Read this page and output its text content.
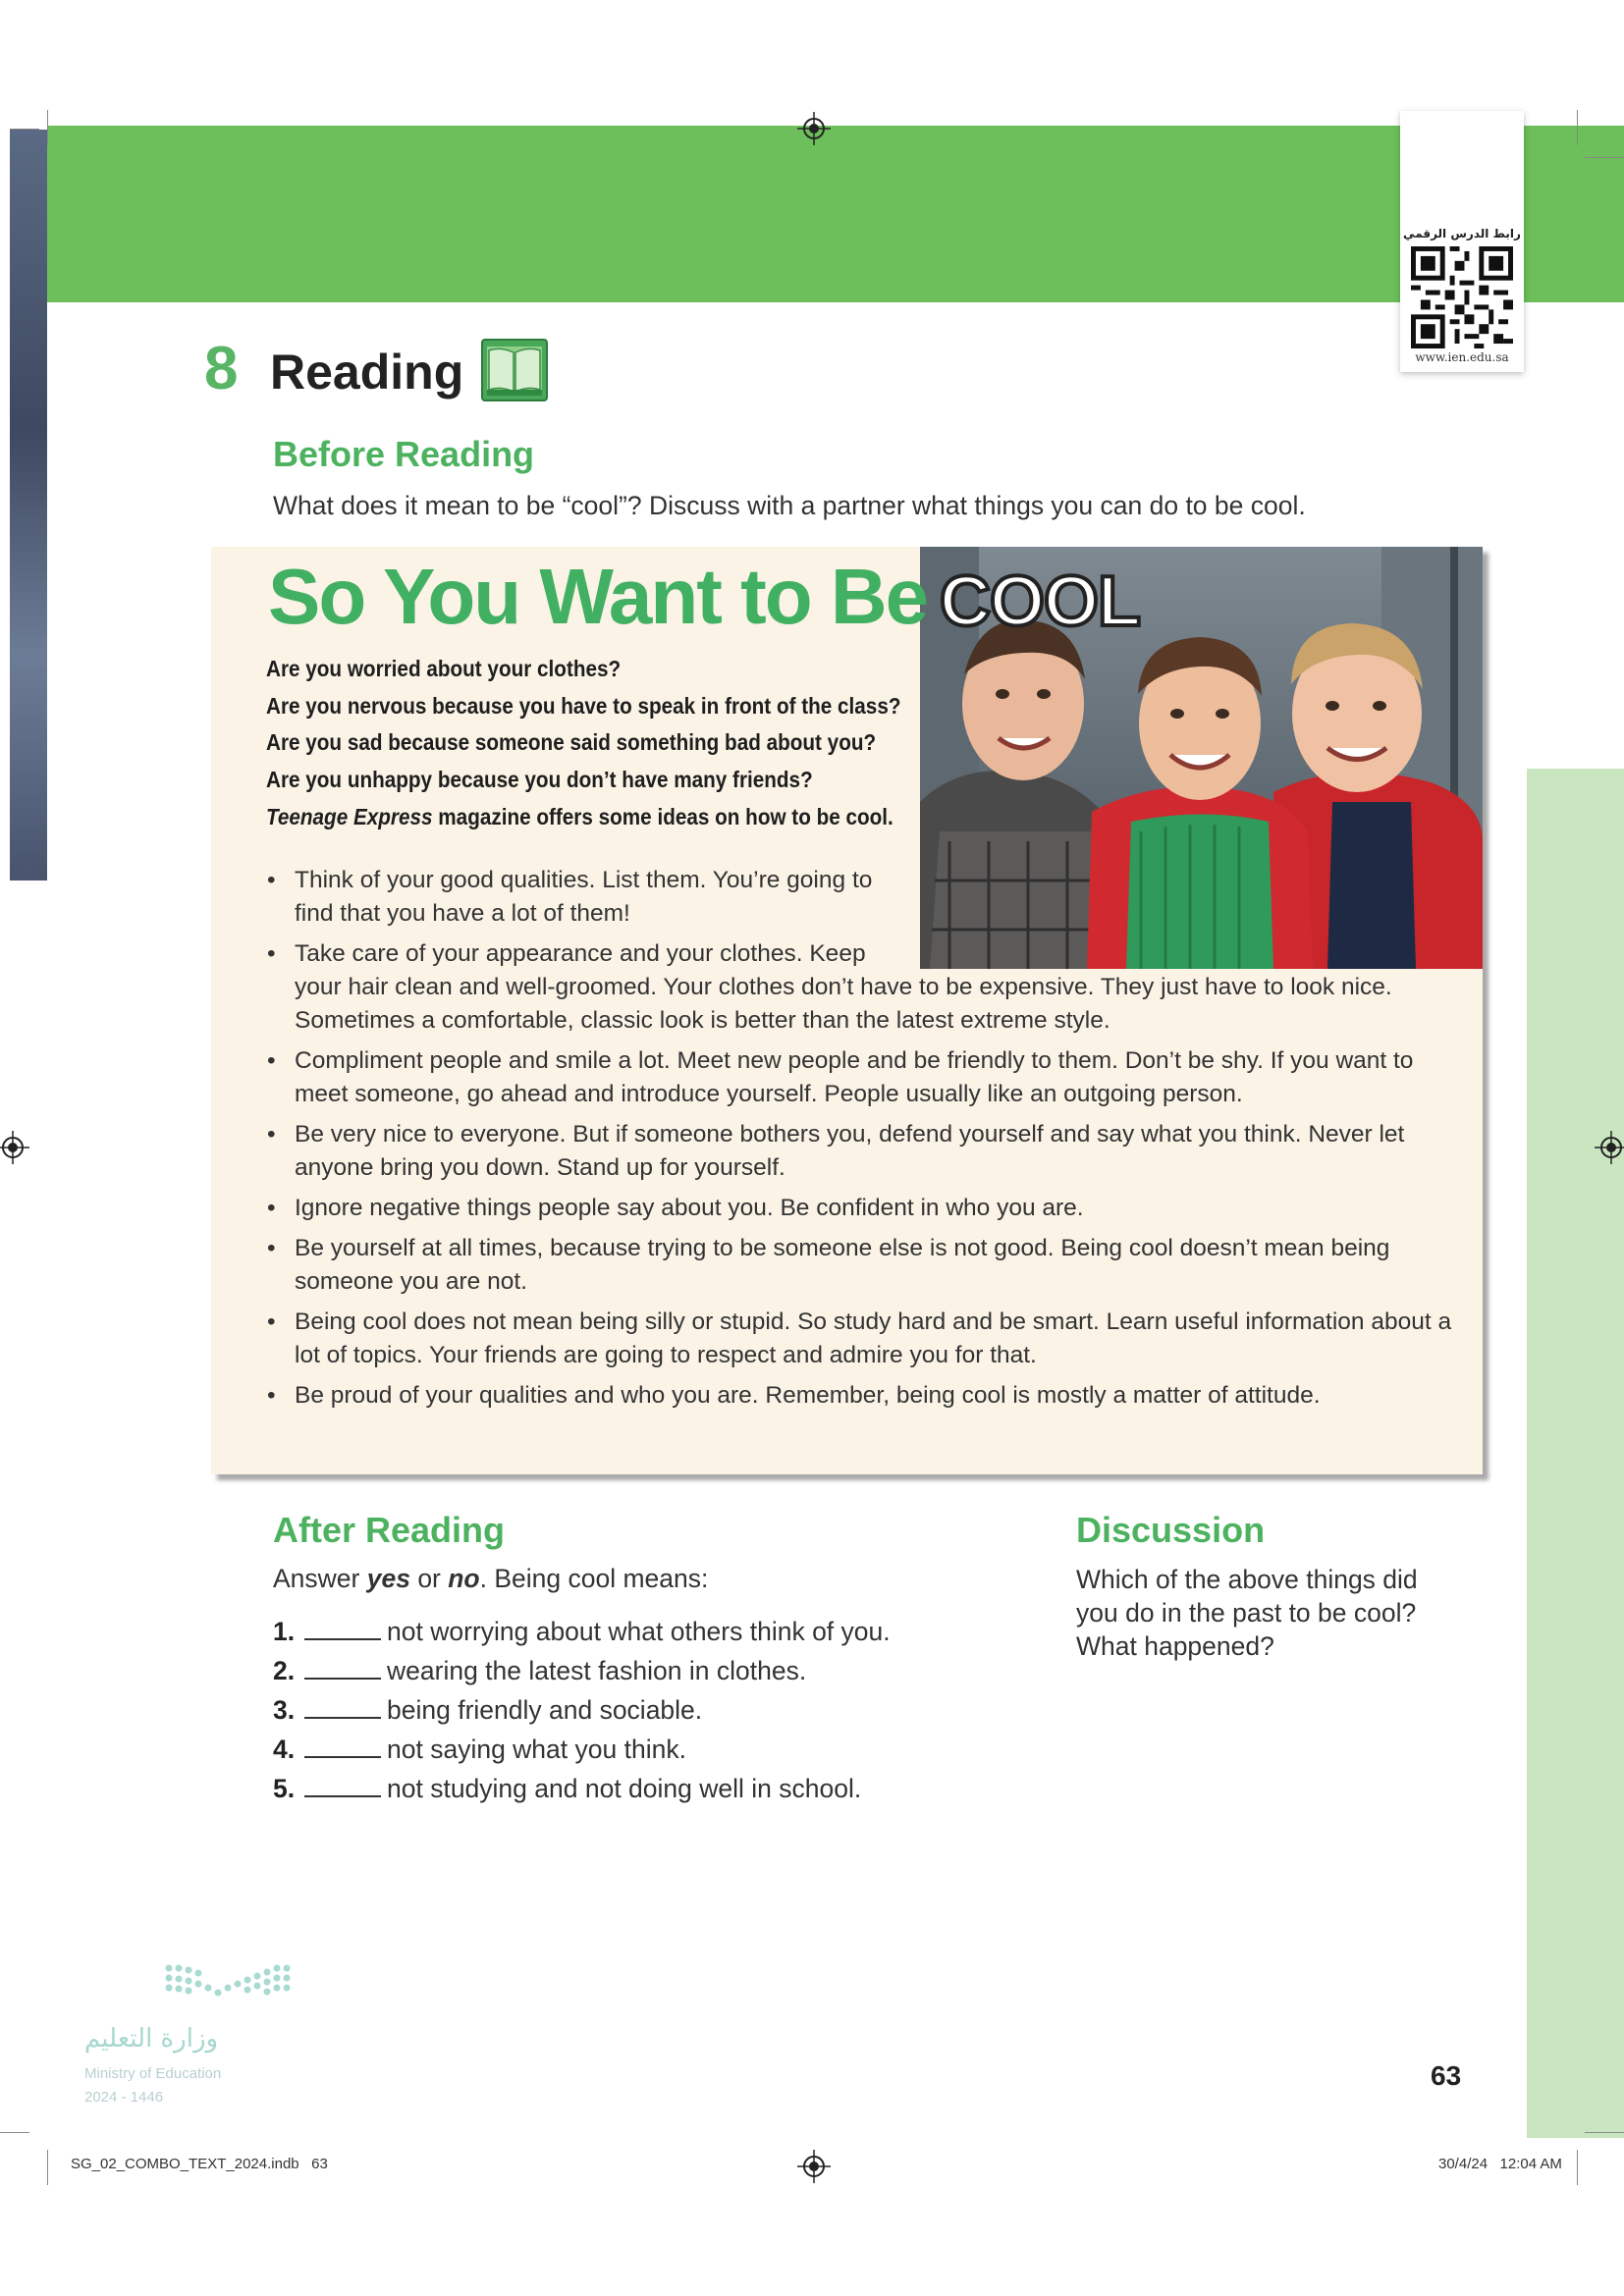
رابط الدرس الرقمي
www.ien.edu.sa
8 Reading
Before Reading
What does it mean to be “cool”? Discuss with a partner what things you can do to be cool.
So You Want to Be COOL
Are you worried about your clothes?
Are you nervous because you have to speak in front of the class?
Are you sad because someone said something bad about you?
Are you unhappy because you don’t have many friends?
Teenage Express magazine offers some ideas on how to be cool.
• Think of your good qualities. List them. You’re going to find that you have a lot of them!
• Take care of your appearance and your clothes. Keep your hair clean and well-groomed. Your clothes don’t have to be expensive. They just have to look nice. Sometimes a comfortable, classic look is better than the latest extreme style.
• Compliment people and smile a lot. Meet new people and be friendly to them. Don’t be shy. If you want to meet someone, go ahead and introduce yourself. People usually like an outgoing person.
• Be very nice to everyone. But if someone bothers you, defend yourself and say what you think. Never let anyone bring you down. Stand up for yourself.
• Ignore negative things people say about you. Be confident in who you are.
• Be yourself at all times, because trying to be someone else is not good. Being cool doesn’t mean being someone you are not.
• Being cool does not mean being silly or stupid. So study hard and be smart. Learn useful information about a lot of topics. Your friends are going to respect and admire you for that.
• Be proud of your qualities and who you are. Remember, being cool is mostly a matter of attitude.
After Reading
Answer yes or no. Being cool means:
1.	not worrying about what others think of you.
2.	wearing the latest fashion in clothes.
3.	being friendly and sociable.
4.	not saying what you think.
5.	not studying and not doing well in school.
Discussion
Which of the above things did you do in the past to be cool? What happened?
63
وزارة التعليم
Ministry of Education
2024 - 1446
SG_02_COMBO_TEXT_2024.indb   63	30/4/24   12:04 AM
